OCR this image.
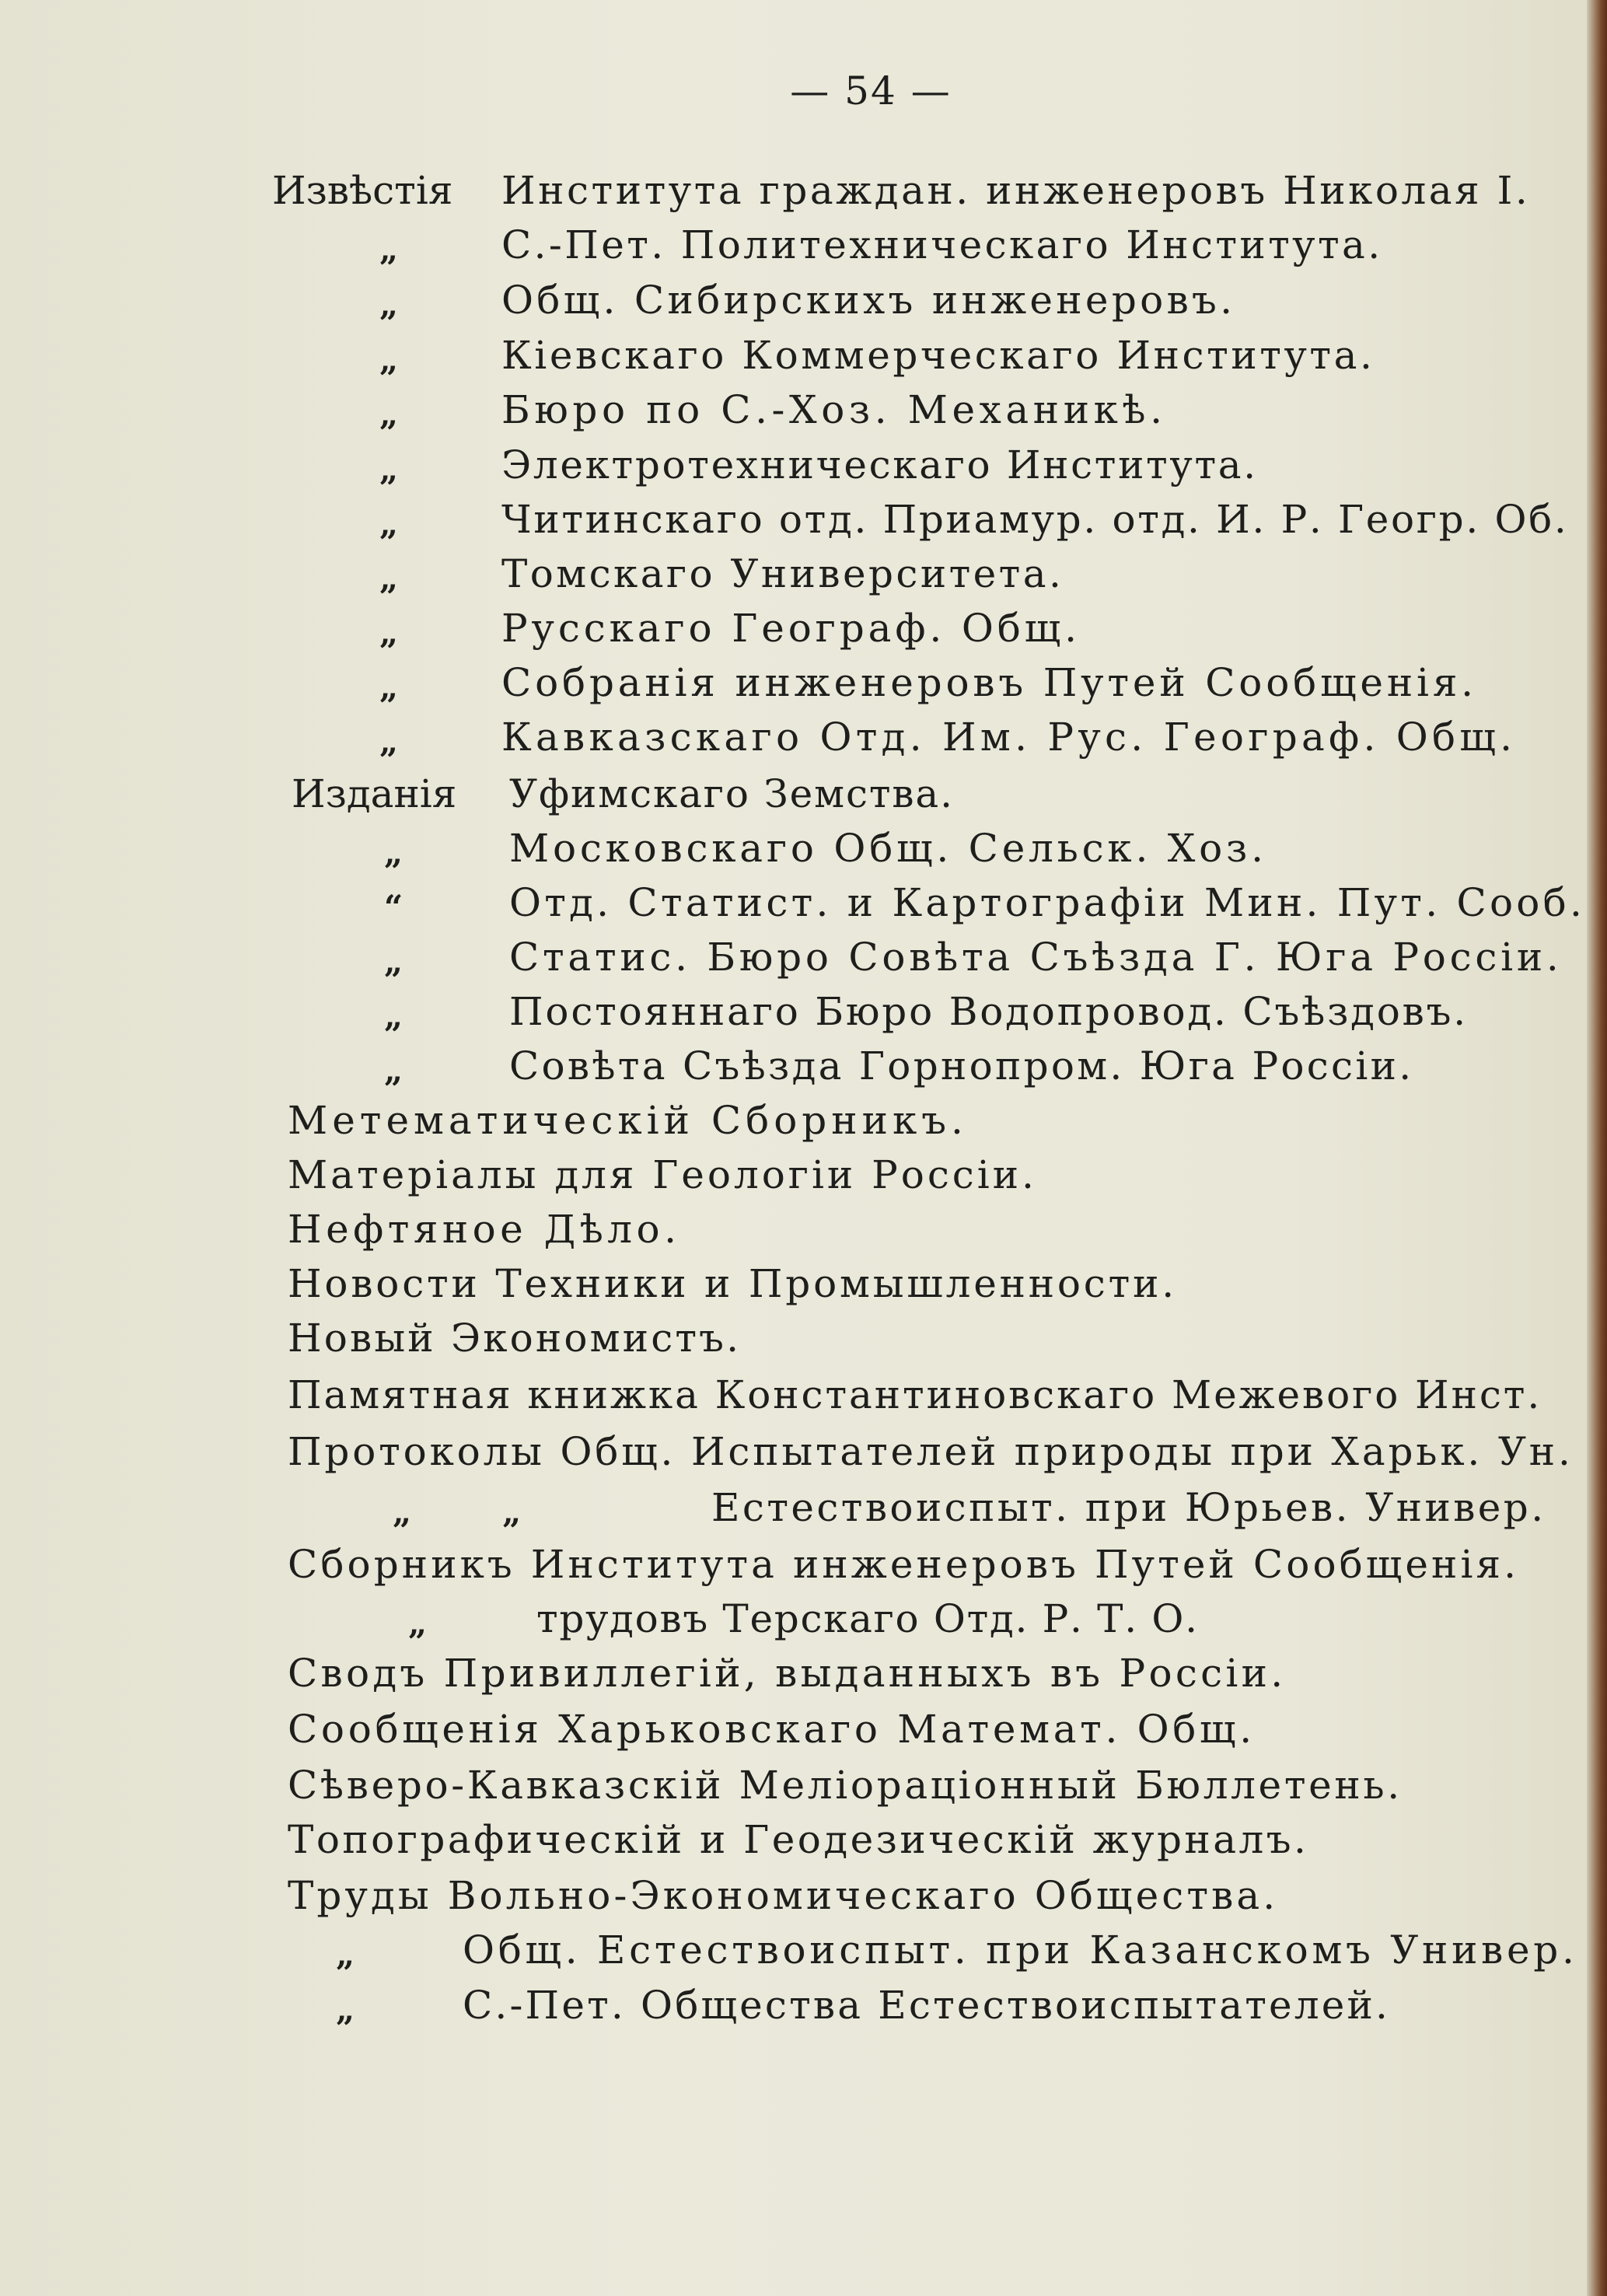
— 54 —
Извѣстія Института граждан. инженеровъ Николая I.
„	С.-Пет. Политехническаго Института.
„	Общ. Сибирскихъ инженеровъ.
„	Кіевскаго Коммерческаго Института.
„	Бюро по С.-Хоз. Механикѣ.
„	Электротехническаго Института.
„	Читинскаго отд. Приамур. отд. И. Р. Геогр. Об.
„	Томскаго Университета.
„	Русскаго Географ. Общ.
„	Собранія инженеровъ Путей Сообщенія.
„	Кавказскаго Отд. Им. Рус. Географ. Общ.
Изданія Уфимскаго Земства.
„	Московскаго Общ. Сельск. Хоз.
“	Отд. Статист. и Картографіи Мин. Пут. Сооб.
„	Статис. Бюро Совѣта Съѣзда Г. Юга Россіи.
„	Постояннаго Бюро Водопровод. Съѣздовъ.
„	Совѣта Съѣзда Горнопром. Юга Россіи.
Метематическій Сборникъ.
Матеріалы для Геологіи Россіи.
Нефтяное Дѣло.
Новости Техники и Промышленности.
Новый Экономистъ.
Памятная книжка Константиновскаго Межевого Инст.
Протоколы Общ. Испытателей природы при Харьк. Ун.
„        „	Естествоиспыт. при Юрьев. Универ.
Сборникъ Института инженеровъ Путей Сообщенія.
„	трудовъ Терскаго Отд. Р. Т. О.
Сводъ Привиллегій, выданныхъ въ Россіи.
Сообщенія Харьковскаго Математ. Общ.
Сѣверо-Кавказскій Меліораціонный Бюллетень.
Топографическій и Геодезическій журналъ.
Труды Вольно-Экономическаго Общества.
„	Общ. Естествоиспыт. при Казанскомъ Универ.
„	С.-Пет. Общества Естествоиспытателей.
